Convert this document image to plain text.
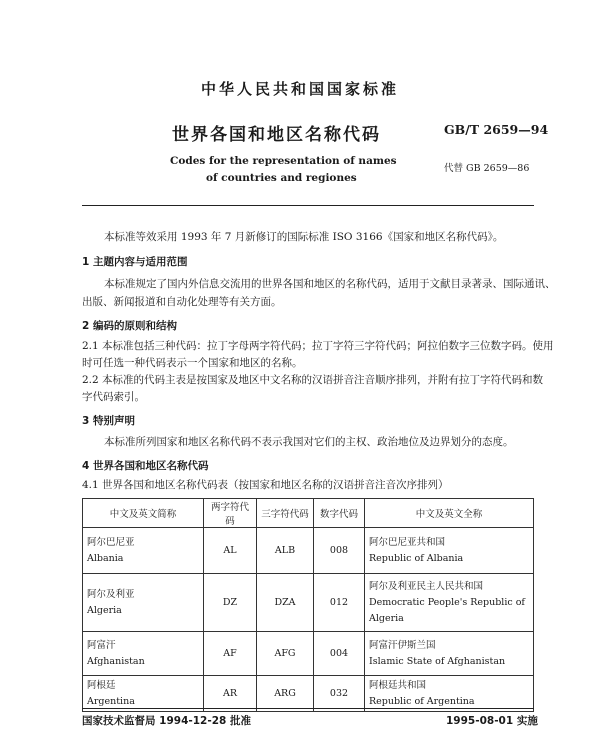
中华人民共和国国家标准
世界各国和地区名称代码	GB/T 2659—94
Codes for the representation of names
of countries and regiones
代替 GB 2659—86
本标准等效采用 1993 年 7 月新修订的国际标准 ISO 3166《国家和地区名称代码》。
1 主题内容与适用范围
本标准规定了国内外信息交流用的世界各国和地区的名称代码，适用于文献目录著录、国际通讯、
出版、新闻报道和自动化处理等有关方面。
2 编码的原则和结构
2.1 本标准包括三种代码：拉丁字母两字符代码；拉丁字符三字符代码；阿拉伯数字三位数字码。使用
时可任选一种代码表示一个国家和地区的名称。
2.2 本标准的代码主表是按国家及地区中文名称的汉语拼音注音顺序排列，并附有拉丁字符代码和数
字代码索引。
3 特别声明
本标准所列国家和地区名称代码不表示我国对它们的主权、政治地位及边界划分的态度。
4 世界各国和地区名称代码
4.1 世界各国和地区名称代码表（按国家和地区名称的汉语拼音注音次序排列）
中文及英文简称	两字符代码	三字符代码	数字代码	中文及英文全称

阿尔巴尼亚
Albania	AL	ALB	008	阿尔巴尼亚共和国
Republic of Albania

阿尔及利亚
Algeria	DZ	DZA	012	阿尔及利亚民主人民共和国
Democratic People's Republic of
Algeria

阿富汗
Afghanistan	AF	AFG	004	阿富汗伊斯兰国
Islamic State of Afghanistan

阿根廷
Argentina	AR	ARG	032	阿根廷共和国
Republic of Argentina
国家技术监督局 1994-12-28 批准	1995-08-01 实施
